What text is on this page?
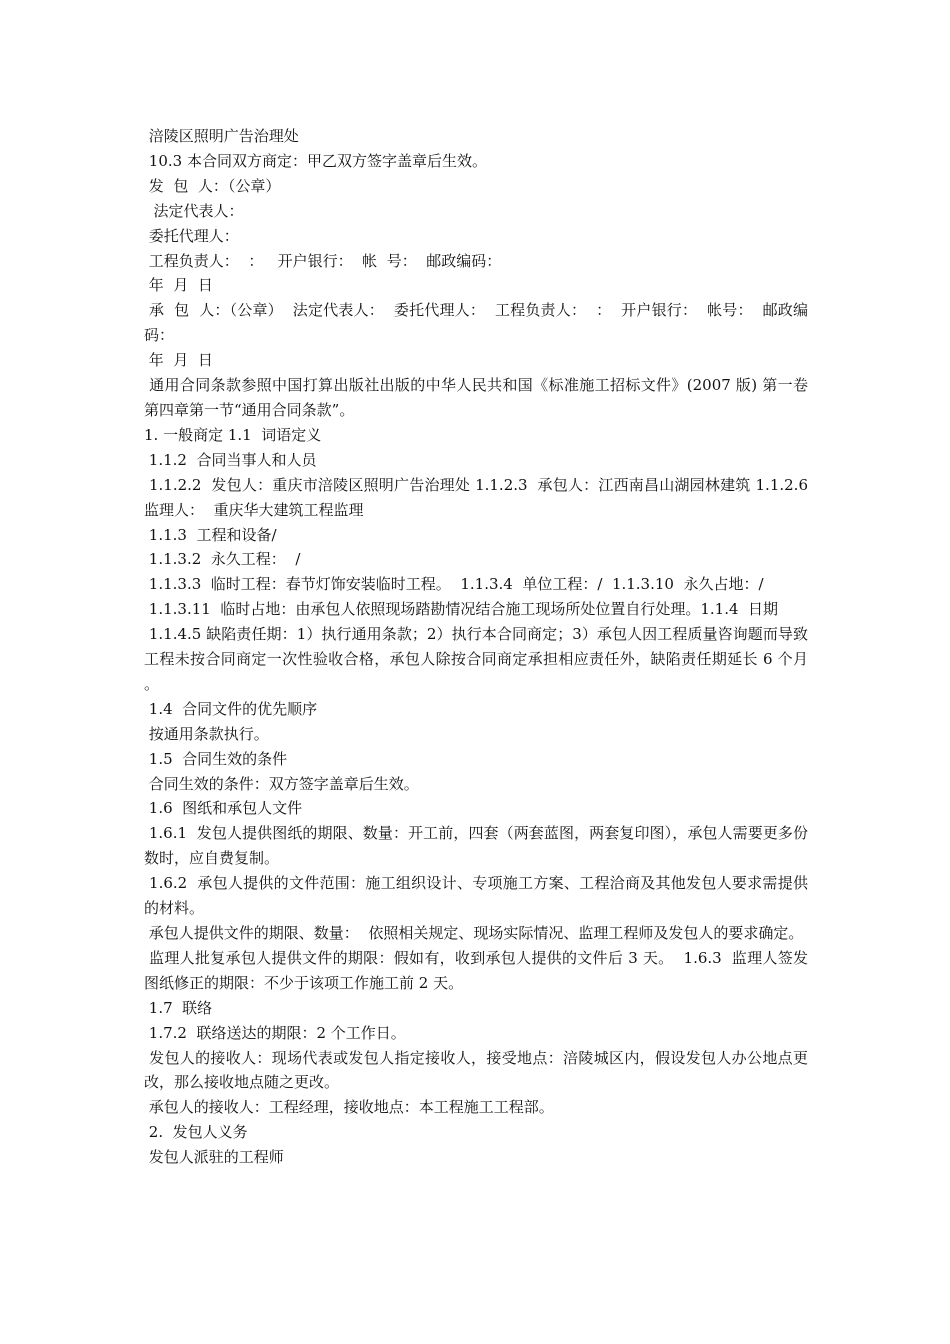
涪陵区照明广告治理处

10.3 本合同双方商定：甲乙双方签字盖章后生效。

发  包  人：（公章）

法定代表人：

委托代理人：

工程负责人：  ：   开户银行：  帐  号：  邮政编码：

年  月  日

承  包  人：（公章）  法定代表人：  委托代理人：  工程负责人：  ：  开户银行：  帐号：  邮政编码：

年  月  日

通用合同条款参照中国打算出版社出版的中华人民共和国《标准施工招标文件》(2007 版) 第一卷第四章第一节“通用合同条款”。

1. 一般商定 1.1  词语定义

1.1.2  合同当事人和人员

1.1.2.2  发包人：重庆市涪陵区照明广告治理处 1.1.2.3  承包人：江西南昌山湖园林建筑 1.1.2.6  监理人：  重庆华大建筑工程监理

1.1.3  工程和设备/

1.1.3.2  永久工程：  /

1.1.3.3  临时工程：春节灯饰安装临时工程。  1.1.3.4  单位工程：/  1.1.3.10  永久占地：/

1.1.3.11  临时占地：由承包人依照现场踏勘情况结合施工现场所处位置自行处理。1.1.4  日期

1.1.4.5 缺陷责任期：1）执行通用条款；2）执行本合同商定；3）承包人因工程质量咨询题而导致工程未按合同商定一次性验收合格，承包人除按合同商定承担相应责任外，缺陷责任期延长 6 个月 。

1.4  合同文件的优先顺序

按通用条款执行。

1.5  合同生效的条件

合同生效的条件：双方签字盖章后生效。

1.6  图纸和承包人文件

1.6.1  发包人提供图纸的期限、数量：开工前，四套（两套蓝图，两套复印图），承包人需要更多份数时，应自费复制。

1.6.2  承包人提供的文件范围：施工组织设计、专项施工方案、工程洽商及其他发包人要求需提供的材料。

承包人提供文件的期限、数量：  依照相关规定、现场实际情况、监理工程师及发包人的要求确定。

监理人批复承包人提供文件的期限：假如有，收到承包人提供的文件后 3 天。  1.6.3  监理人签发图纸修正的期限：不少于该项工作施工前 2 天。

1.7  联络

1.7.2  联络送达的期限：2 个工作日。

发包人的接收人：现场代表或发包人指定接收人，接受地点：涪陵城区内，假设发包人办公地点更改，那么接收地点随之更改。

承包人的接收人：工程经理，接收地点：本工程施工工程部。

2.  发包人义务

发包人派驻的工程师
